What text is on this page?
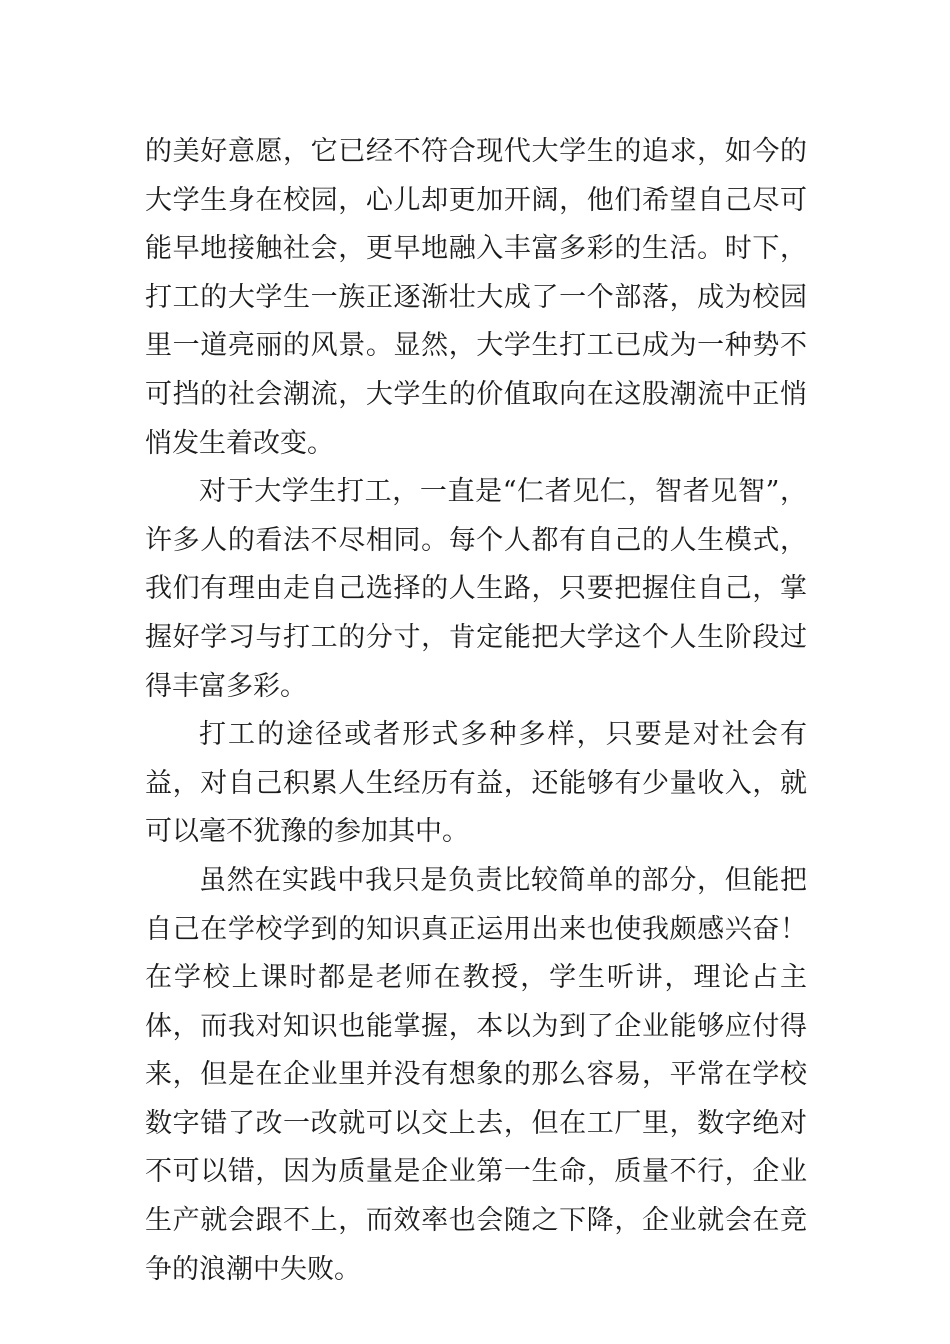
的美好意愿，它已经不符合现代大学生的追求，如今的大学生身在校园，心儿却更加开阔，他们希望自己尽可能早地接触社会，更早地融入丰富多彩的生活。时下，打工的大学生一族正逐渐壮大成了一个部落，成为校园里一道亮丽的风景。显然，大学生打工已成为一种势不可挡的社会潮流，大学生的价值取向在这股潮流中正悄悄发生着改变。

对于大学生打工，一直是“仁者见仁，智者见智”，许多人的看法不尽相同。每个人都有自己的人生模式，我们有理由走自己选择的人生路，只要把握住自己，掌握好学习与打工的分寸，肯定能把大学这个人生阶段过得丰富多彩。

打工的途径或者形式多种多样，只要是对社会有益，对自己积累人生经历有益，还能够有少量收入，就可以毫不犹豫的参加其中。

虽然在实践中我只是负责比较简单的部分，但能把自己在学校学到的知识真正运用出来也使我颇感兴奋！在学校上课时都是老师在教授，学生听讲，理论占主体，而我对知识也能掌握，本以为到了企业能够应付得来，但是在企业里并没有想象的那么容易，平常在学校数字错了改一改就可以交上去，但在工厂里，数字绝对不可以错，因为质量是企业第一生命，质量不行，企业生产就会跟不上，而效率也会随之下降，企业就会在竞争的浪潮中失败。
